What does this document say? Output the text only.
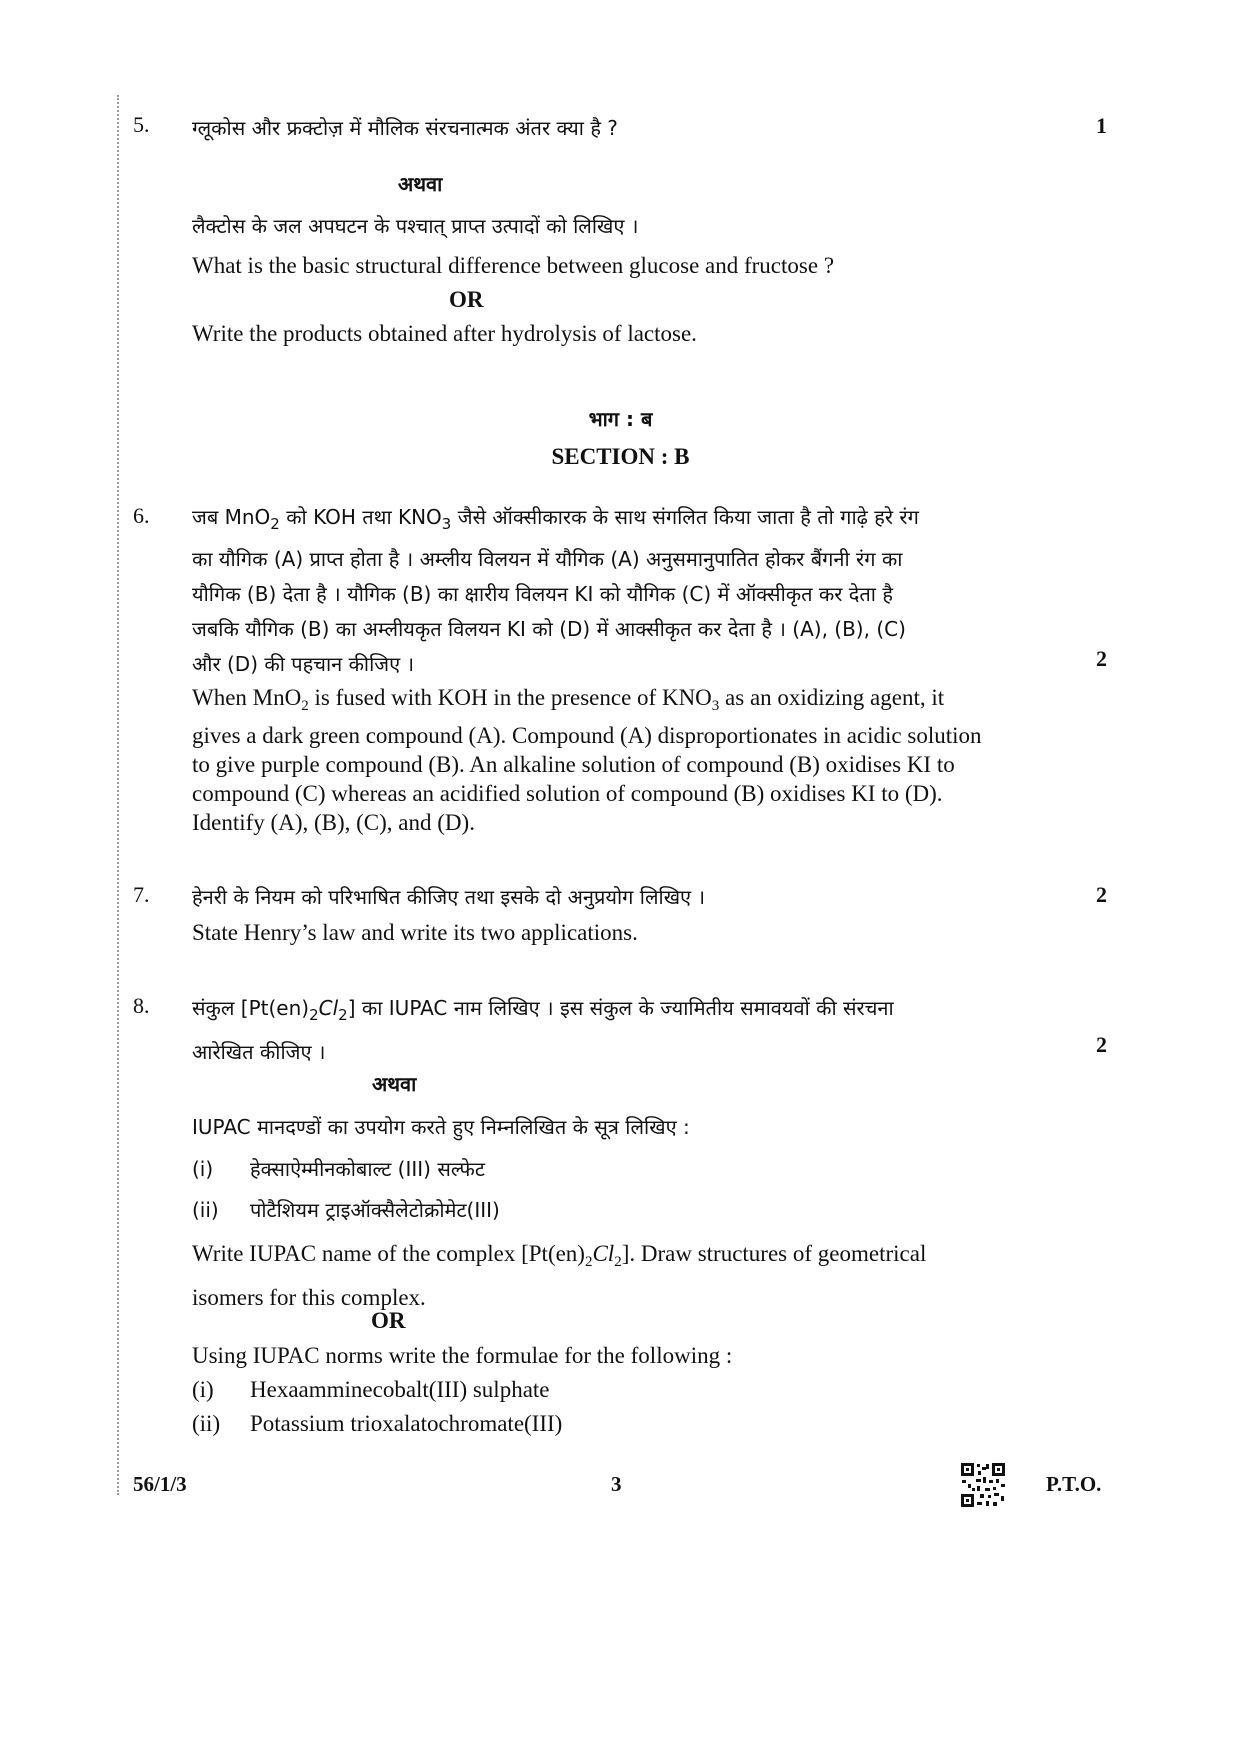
5. ग्लूकोस और फ्रक्टोज़ में मौलिक संरचनात्मक अंतर क्या है ?	1
अथवा
लैक्टोस के जल अपघटन के पश्चात् प्राप्त उत्पादों को लिखिए ।
What is the basic structural difference between glucose and fructose ?
OR
Write the products obtained after hydrolysis of lactose.
भाग : ब
SECTION : B
6. जब MnO$_2$ को KOH तथा $KNO_3$ जैसे ऑक्सीकारक के साथ संगलित किया जाता है तो गाढ़े हरे रंग
का यौगिक (A) प्राप्त होता है । अम्लीय विलयन में यौगिक (A) अनुसमानुपातित होकर बैंगनी रंग का
यौगिक (B) देता है । यौगिक (B) का क्षारीय विलयन KI को यौगिक (C) में ऑक्सीकृत कर देता है
जबकि यौगिक (B) का अम्लीयकृत विलयन KI को (D) में आक्सीकृत कर देता है । (A), (B), (C)
और (D) की पहचान कीजिए ।	2
When MnO$_2$ is fused with KOH in the presence of $KNO_3$ as an oxidizing agent, it
gives a dark green compound (A). Compound (A) disproportionates in acidic solution
to give purple compound (B). An alkaline solution of compound (B) oxidises KI to
compound (C) whereas an acidified solution of compound (B) oxidises KI to (D).
Identify (A), (B), (C), and (D).
7. हेनरी के नियम को परिभाषित कीजिए तथा इसके दो अनुप्रयोग लिखिए ।	2
State Henry’s law and write its two applications.
8. संकुल $[Pt(en)_2Cl_2]$ का IUPAC नाम लिखिए । इस संकुल के ज्यामितीय समावयवों की संरचना
आरेखित कीजिए ।	2
अथवा
IUPAC मानदण्डों का उपयोग करते हुए निम्नलिखित के सूत्र लिखिए :
(i) हेक्साऐम्मीनकोबाल्ट (III) सल्फेट
(ii) पोटैशियम ट्राइऑक्सैलेटोक्रोमेट(III)
Write IUPAC name of the complex $[Pt(en)_2Cl_2]$. Draw structures of geometrical
isomers for this complex.
OR
Using IUPAC norms write the formulae for the following :
(i) Hexaamminecobalt(III) sulphate
(ii) Potassium trioxalatochromate(III)
56/1/3	3	P.T.O.
